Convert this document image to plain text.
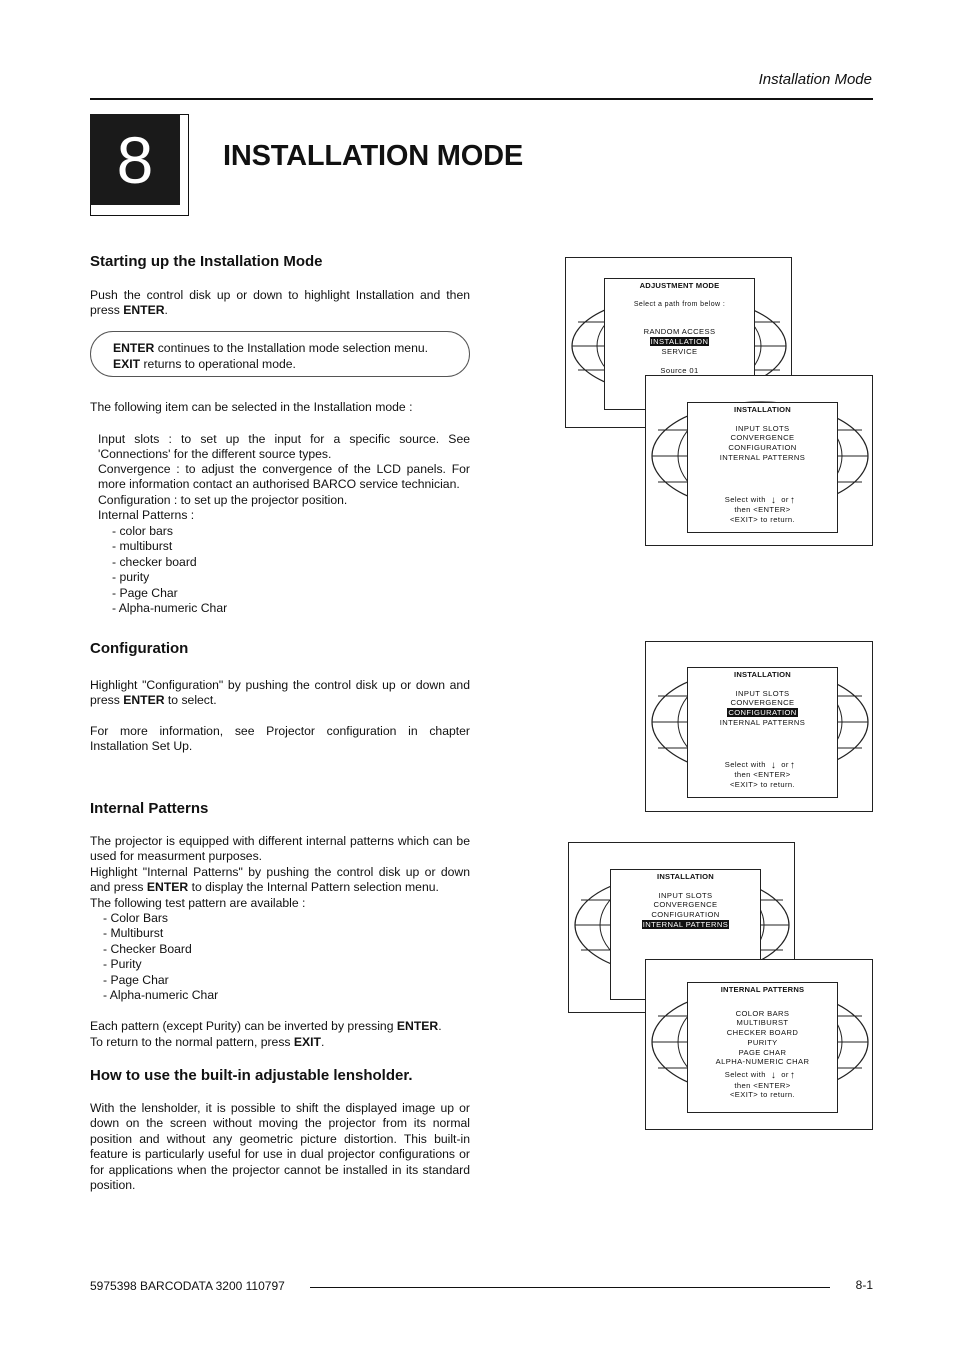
Installation Mode
8	INSTALLATION MODE
Starting up the Installation Mode
Push the control disk up or down to highlight Installation and then press ENTER.
ENTER continues to the Installation mode selection menu.
EXIT returns to operational mode.
The following item can be selected in the Installation mode :
Input slots : to set up the input for a specific source. See 'Connections' for the different source types.
Convergence : to adjust the convergence of the LCD panels. For more information contact an authorised BARCO service technician.
Configuration : to set up the projector position.
Internal Patterns :
- color bars
- multiburst
- checker board
- purity
- Page Char
- Alpha-numeric Char
Configuration
Highlight "Configuration" by pushing the control disk up or down and press ENTER to select.
For more information, see Projector configuration in chapter Installation Set Up.
Internal Patterns
The projector is equipped with different internal patterns which can be used for measurment purposes.
Highlight "Internal Patterns" by pushing the control disk up or down and press ENTER to display the Internal Pattern selection menu.
The following test pattern are available :
- Color Bars
- Multiburst
- Checker Board
- Purity
- Page Char
- Alpha-numeric Char
Each pattern (except Purity) can be inverted by pressing ENTER.
To return to the normal pattern, press EXIT.
How to use the built-in adjustable lensholder.
With the lensholder, it is possible to shift the displayed image up or down on the screen without moving the projector from its normal position and without any geometric picture distortion. This built-in feature is particularly useful for use in dual projector configurations or for applications when the projector cannot be installed in its standard position.
ADJUSTMENT MODE
Select a path from below :
RANDOM ACCESS
INSTALLATION
SERVICE
Source 01
INSTALLATION
INPUT SLOTS
CONVERGENCE
CONFIGURATION
INTERNAL PATTERNS
Select with ↓ or↑
then <ENTER>
<EXIT> to return.
INSTALLATION
INPUT SLOTS
CONVERGENCE
CONFIGURATION
INTERNAL PATTERNS
Select with ↓ or↑
then <ENTER>
<EXIT> to return.
INSTALLATION
INPUT SLOTS
CONVERGENCE
CONFIGURATION
INTERNAL PATTERNS
INTERNAL PATTERNS
COLOR BARS
MULTIBURST
CHECKER BOARD
PURITY
PAGE CHAR
ALPHA-NUMERIC CHAR
Select with ↓ or↑
then <ENTER>
<EXIT> to return.
5975398 BARCODATA 3200 110797	8-1
